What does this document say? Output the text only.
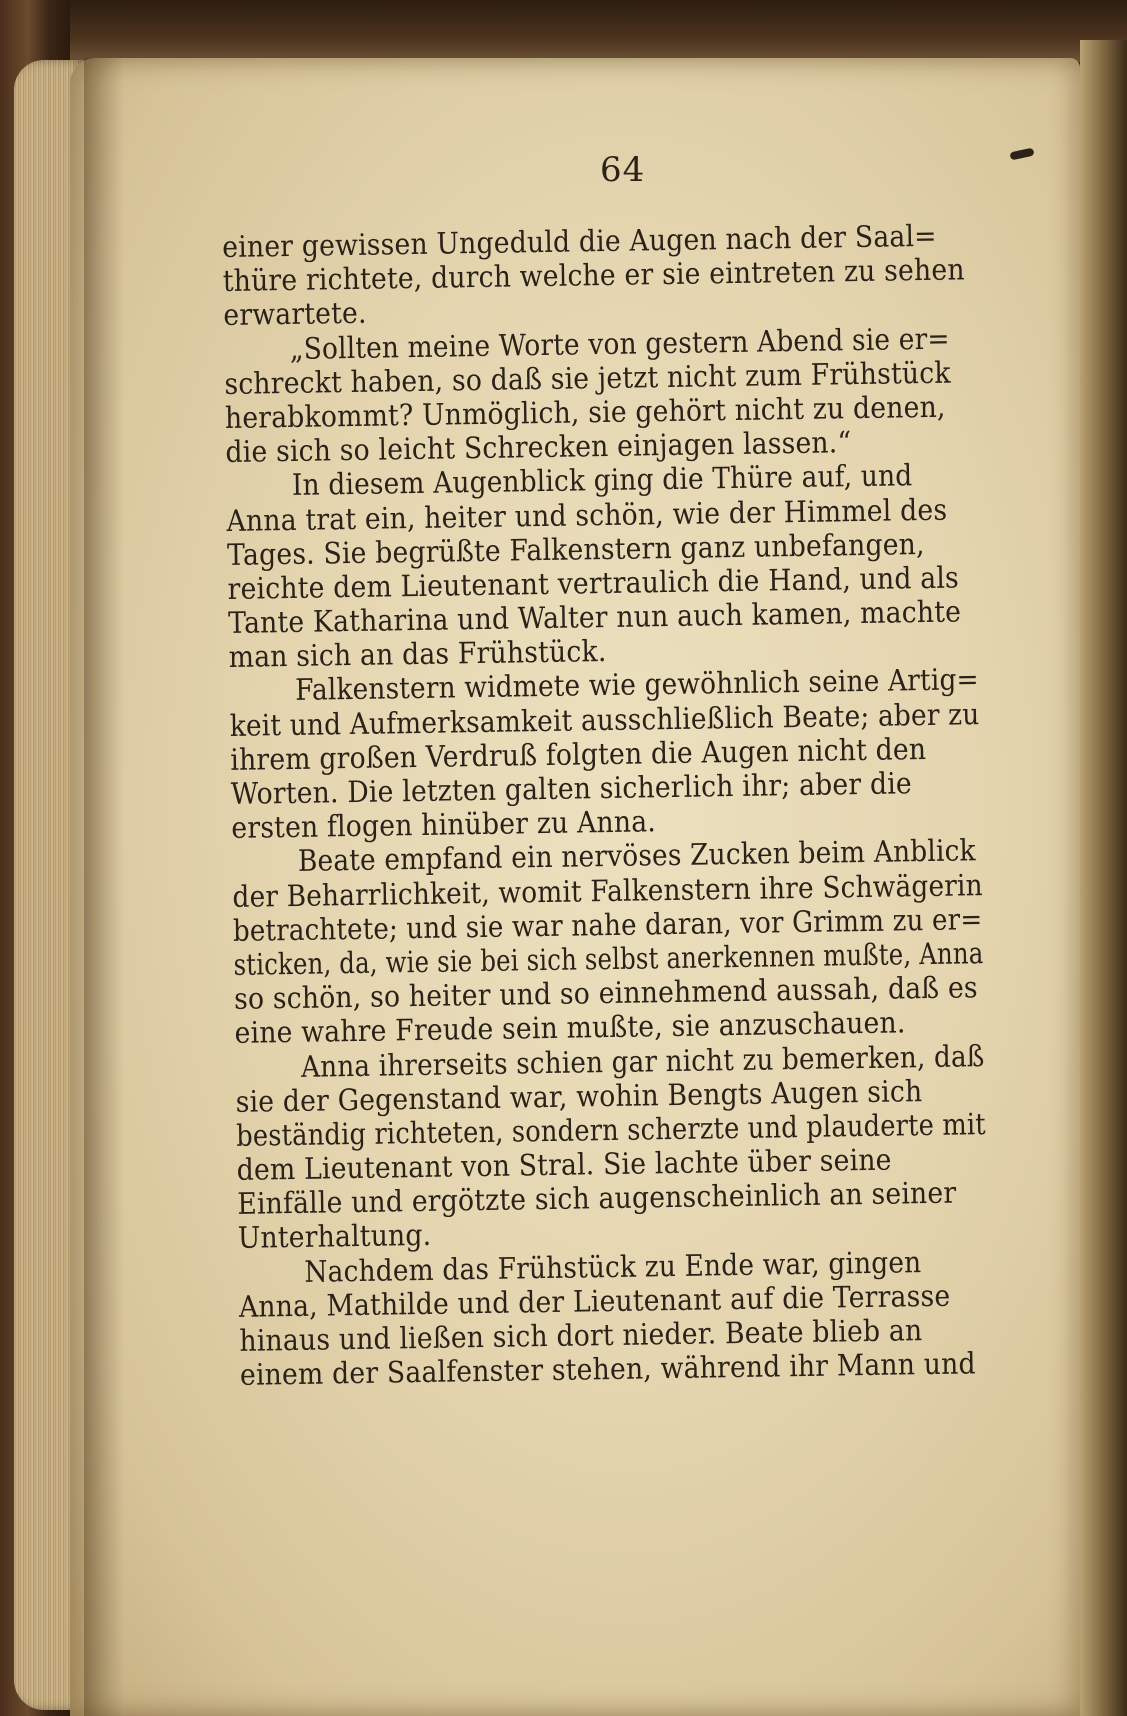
64
einer gewissen Ungeduld die Augen nach der Saal=
thüre richtete, durch welche er sie eintreten zu sehen
erwartete.
„Sollten meine Worte von gestern Abend sie er=
schreckt haben, so daß sie jetzt nicht zum Frühstück
herabkommt? Unmöglich, sie gehört nicht zu denen,
die sich so leicht Schrecken einjagen lassen.“
In diesem Augenblick ging die Thüre auf, und
Anna trat ein, heiter und schön, wie der Himmel des
Tages. Sie begrüßte Falkenstern ganz unbefangen,
reichte dem Lieutenant vertraulich die Hand, und als
Tante Katharina und Walter nun auch kamen, machte
man sich an das Frühstück.
Falkenstern widmete wie gewöhnlich seine Artig=
keit und Aufmerksamkeit ausschließlich Beate; aber zu
ihrem großen Verdruß folgten die Augen nicht den
Worten. Die letzten galten sicherlich ihr; aber die
ersten flogen hinüber zu Anna.
Beate empfand ein nervöses Zucken beim Anblick
der Beharrlichkeit, womit Falkenstern ihre Schwägerin
betrachtete; und sie war nahe daran, vor Grimm zu er=
sticken, da, wie sie bei sich selbst anerkennen mußte, Anna
so schön, so heiter und so einnehmend aussah, daß es
eine wahre Freude sein mußte, sie anzuschauen.
Anna ihrerseits schien gar nicht zu bemerken, daß
sie der Gegenstand war, wohin Bengts Augen sich
beständig richteten, sondern scherzte und plauderte mit
dem Lieutenant von Stral. Sie lachte über seine
Einfälle und ergötzte sich augenscheinlich an seiner
Unterhaltung.
Nachdem das Frühstück zu Ende war, gingen
Anna, Mathilde und der Lieutenant auf die Terrasse
hinaus und ließen sich dort nieder. Beate blieb an
einem der Saalfenster stehen, während ihr Mann und
